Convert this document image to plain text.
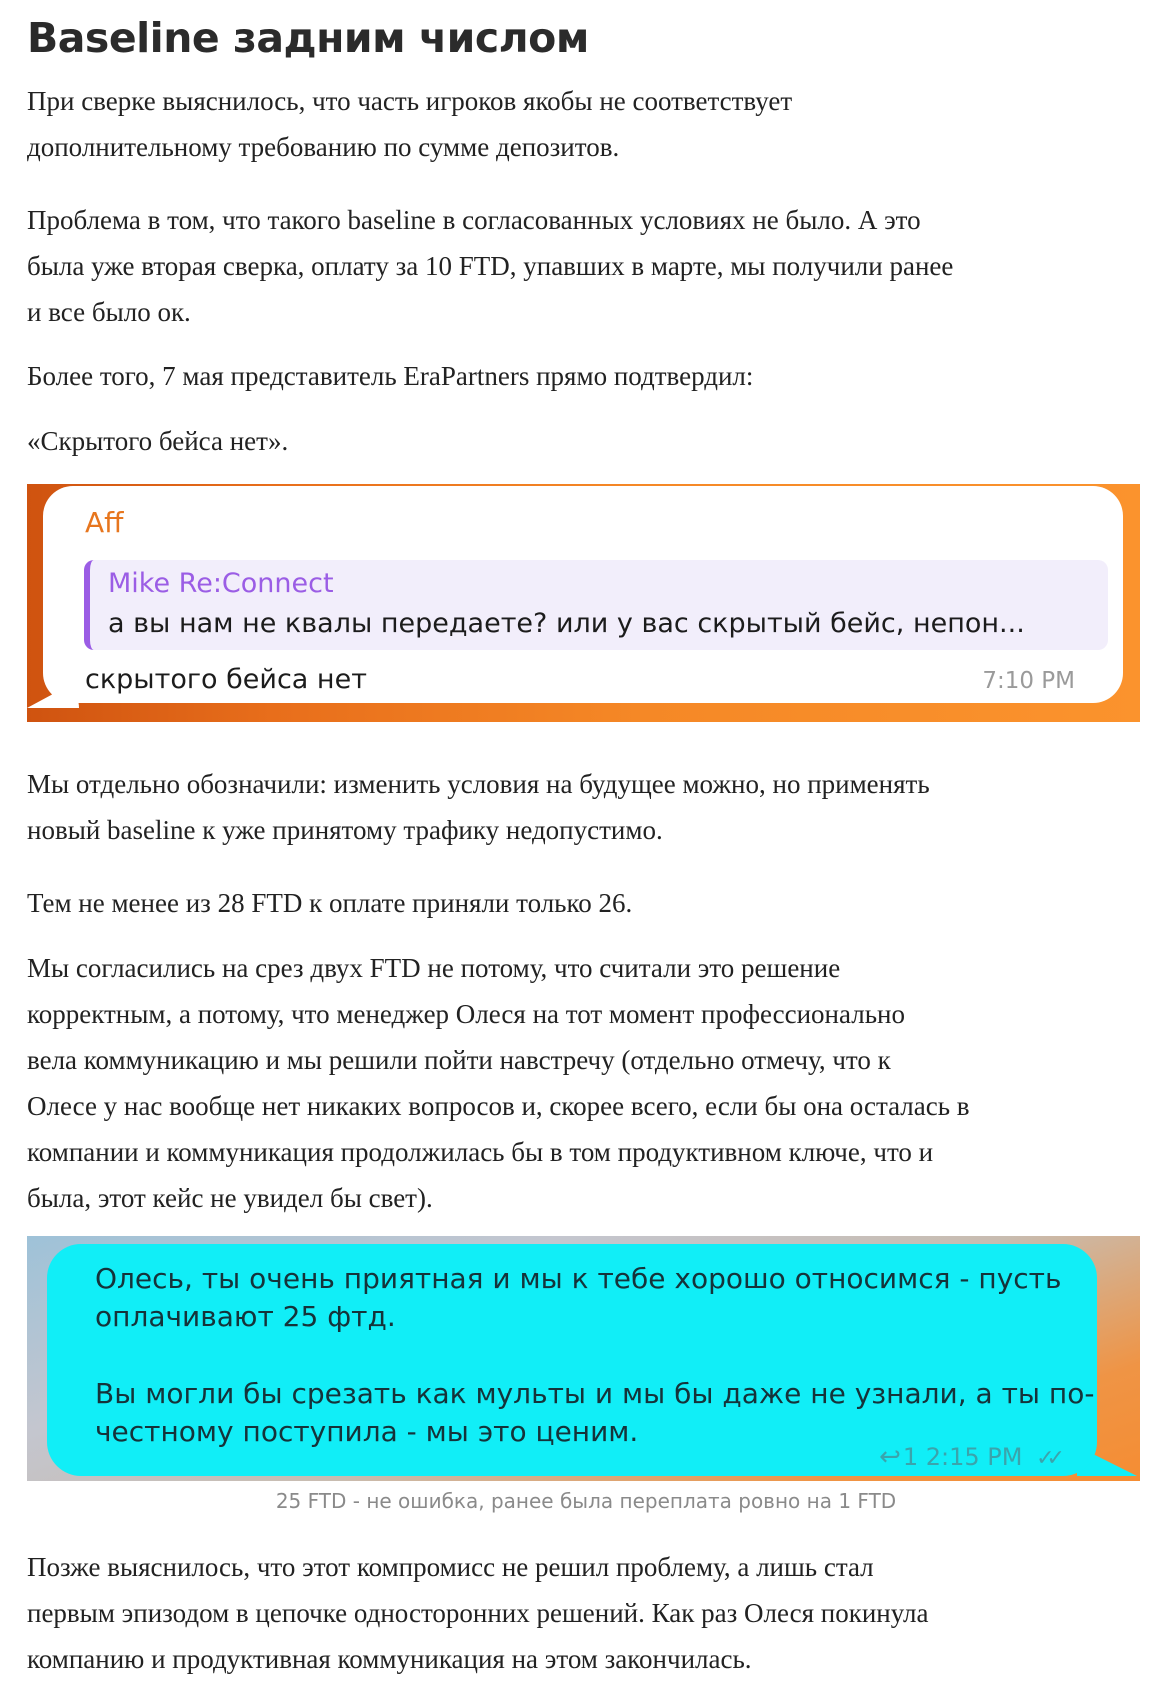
Baseline задним числом

При сверке выяснилось, что часть игроков якобы не соответствует
дополнительному требованию по сумме депозитов.

Проблема в том, что такого baseline в согласованных условиях не было. А это
была уже вторая сверка, оплату за 10 FTD, упавших в марте, мы получили ранее
и все было ок.

Более того, 7 мая представитель EraPartners прямо подтвердил:

«Скрытого бейса нет».

Aff
Mike Re:Connect
а вы нам не квалы передаете? или у вас скрытый бейс, непон...
скрытого бейса нет	7:10 PM

Мы отдельно обозначили: изменить условия на будущее можно, но применять
новый baseline к уже принятому трафику недопустимо.

Тем не менее из 28 FTD к оплате приняли только 26.

Мы согласились на срез двух FTD не потому, что считали это решение
корректным, а потому, что менеджер Олеся на тот момент профессионально
вела коммуникацию и мы решили пойти навстречу (отдельно отмечу, что к
Олесе у нас вообще нет никаких вопросов и, скорее всего, если бы она осталась в
компании и коммуникация продолжилась бы в том продуктивном ключе, что и
была, этот кейс не увидел бы свет).

Олесь, ты очень приятная и мы к тебе хорошо относимся - пусть
оплачивают 25 фтд.
Вы могли бы срезать как мульты и мы бы даже не узнали, а ты по-
честному поступила - мы это ценим.
↩1 2:15 PM ✓✓
25 FTD - не ошибка, ранее была переплата ровно на 1 FTD

Позже выяснилось, что этот компромисс не решил проблему, а лишь стал
первым эпизодом в цепочке односторонних решений. Как раз Олеся покинула
компанию и продуктивная коммуникация на этом закончилась.
